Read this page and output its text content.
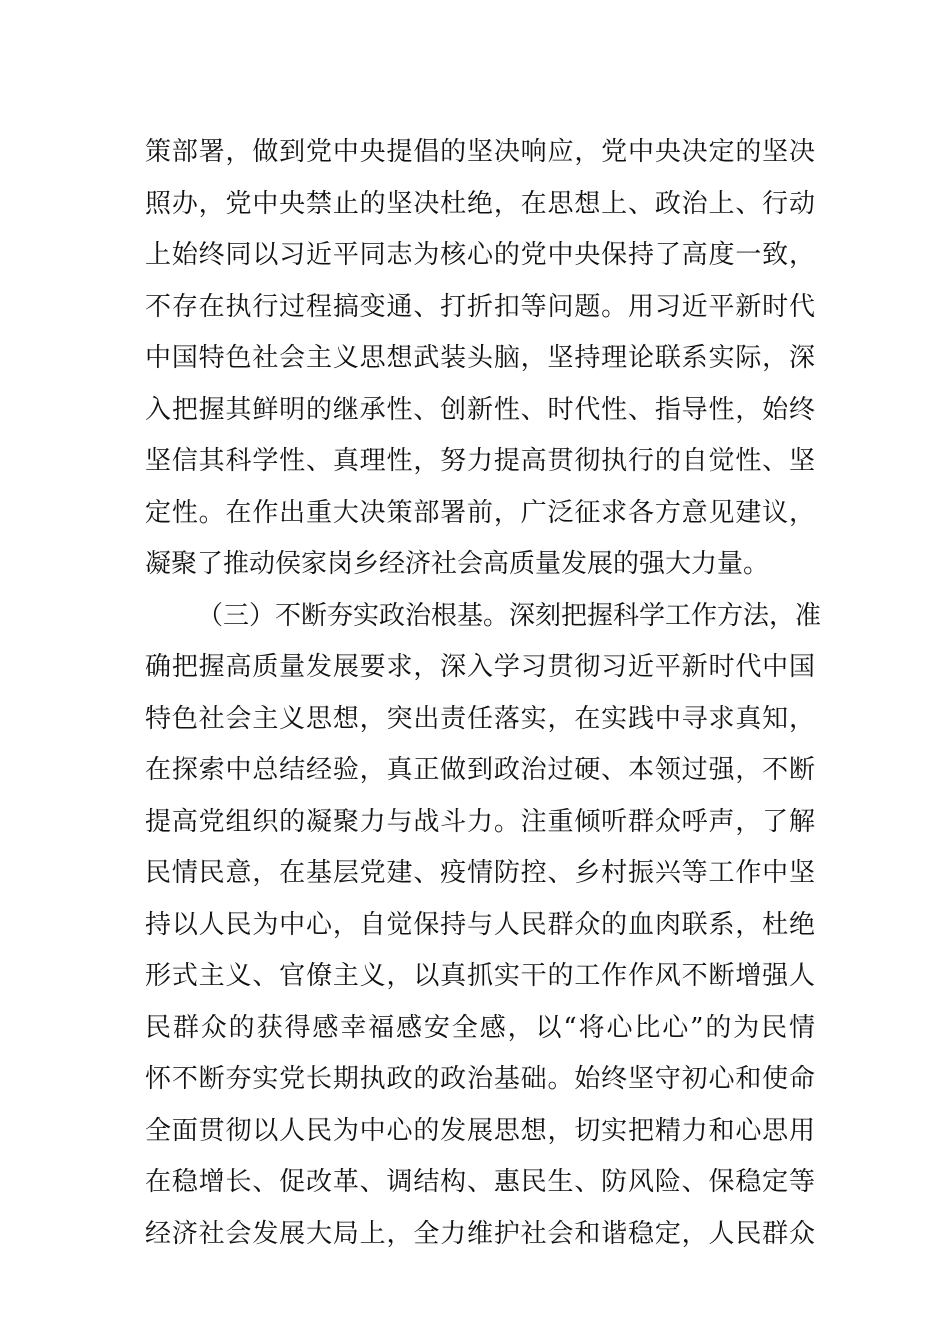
策部署，做到党中央提倡的坚决响应，党中央决定的坚决
照办，党中央禁止的坚决杜绝，在思想上、政治上、行动
上始终同以习近平同志为核心的党中央保持了高度一致，
不存在执行过程搞变通、打折扣等问题。用习近平新时代
中国特色社会主义思想武装头脑，坚持理论联系实际，深
入把握其鲜明的继承性、创新性、时代性、指导性，始终
坚信其科学性、真理性，努力提高贯彻执行的自觉性、坚
定性。在作出重大决策部署前，广泛征求各方意见建议，
凝聚了推动侯家岗乡经济社会高质量发展的强大力量。
（三）不断夯实政治根基。深刻把握科学工作方法，准
确把握高质量发展要求，深入学习贯彻习近平新时代中国
特色社会主义思想，突出责任落实，在实践中寻求真知，
在探索中总结经验，真正做到政治过硬、本领过强，不断
提高党组织的凝聚力与战斗力。注重倾听群众呼声，了解
民情民意，在基层党建、疫情防控、乡村振兴等工作中坚
持以人民为中心，自觉保持与人民群众的血肉联系，杜绝
形式主义、官僚主义，以真抓实干的工作作风不断增强人
民群众的获得感幸福感安全感，以“将心比心”的为民情
怀不断夯实党长期执政的政治基础。始终坚守初心和使命
全面贯彻以人民为中心的发展思想，切实把精力和心思用
在稳增长、促改革、调结构、惠民生、防风险、保稳定等
经济社会发展大局上，全力维护社会和谐稳定，人民群众
